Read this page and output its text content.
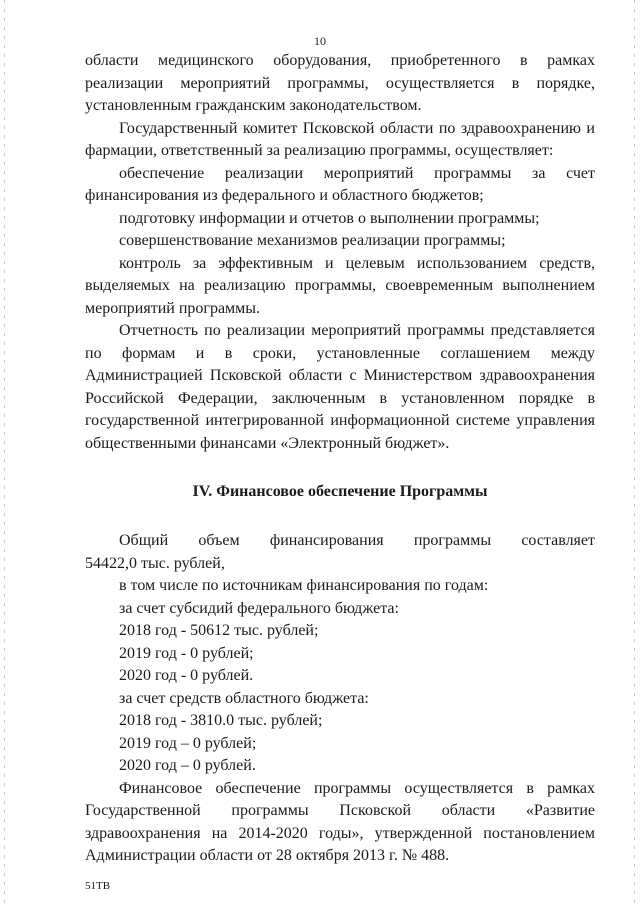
10
области медицинского оборудования, приобретенного в рамках
реализации мероприятий программы, осуществляется в порядке,
установленным гражданским законодательством.
Государственный комитет Псковской области по здравоохранению и
фармации, ответственный за реализацию программы, осуществляет:
обеспечение реализации мероприятий программы за счет
финансирования из федерального и областного бюджетов;
подготовку информации и отчетов о выполнении программы;
совершенствование механизмов реализации программы;
контроль за эффективным и целевым использованием средств,
выделяемых на реализацию программы, своевременным выполнением
мероприятий программы.
Отчетность по реализации мероприятий программы представляется
по формам и в сроки, установленные соглашением между
Администрацией Псковской области с Министерством здравоохранения
Российской Федерации, заключенным в установленном порядке в
государственной интегрированной информационной системе управления
общественными финансами «Электронный бюджет».
IV. Финансовое обеспечение Программы
Общий объем финансирования программы составляет
54422,0 тыс. рублей,
в том числе по источникам финансирования по годам:
за счет субсидий федерального бюджета:
2018 год - 50612 тыс. рублей;
2019 год - 0 рублей;
2020 год - 0 рублей.
за счет средств областного бюджета:
2018 год - 3810.0 тыс. рублей;
2019 год – 0 рублей;
2020 год – 0 рублей.
Финансовое обеспечение программы осуществляется в рамках
Государственной программы Псковской области «Развитие
здравоохранения на 2014-2020 годы», утвержденной постановлением
Администрации области от 28 октября 2013 г. № 488.
51ТВ
